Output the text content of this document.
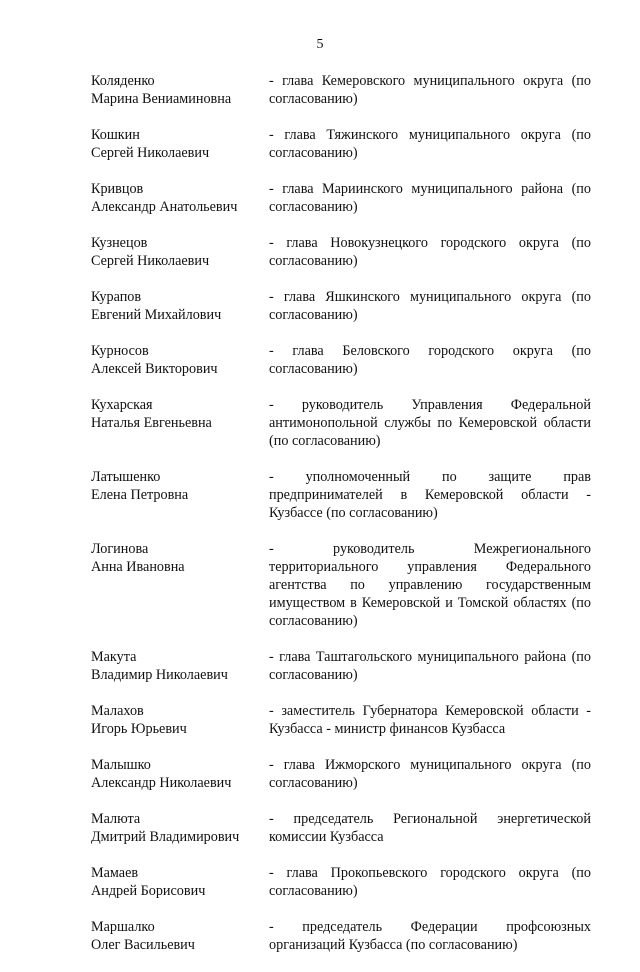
5
Коляденко
Марина Вениаминовна
- глава Кемеровского муниципального округа (по согласованию)
Кошкин
Сергей Николаевич
- глава Тяжинского муниципального округа (по согласованию)
Кривцов
Александр Анатольевич
- глава Мариинского муниципального района (по согласованию)
Кузнецов
Сергей Николаевич
- глава Новокузнецкого городского округа (по согласованию)
Курапов
Евгений Михайлович
- глава Яшкинского муниципального округа (по согласованию)
Курносов
Алексей Викторович
- глава Беловского городского округа (по согласованию)
Кухарская
Наталья Евгеньевна
- руководитель Управления Федеральной антимонопольной службы по Кемеровской области (по согласованию)
Латышенко
Елена Петровна
- уполномоченный по защите прав предпринимателей в Кемеровской области - Кузбассе (по согласованию)
Логинова
Анна Ивановна
- руководитель Межрегионального территориального управления Федерального агентства по управлению государственным имуществом в Кемеровской и Томской областях (по согласованию)
Макута
Владимир Николаевич
- глава Таштагольского муниципального района (по согласованию)
Малахов
Игорь Юрьевич
- заместитель Губернатора Кемеровской области - Кузбасса - министр финансов Кузбасса
Малышко
Александр Николаевич
- глава Ижморского муниципального округа (по согласованию)
Малюта
Дмитрий Владимирович
- председатель Региональной энергетической комиссии Кузбасса
Мамаев
Андрей Борисович
- глава Прокопьевского городского округа (по согласованию)
Маршалко
Олег Васильевич
- председатель Федерации профсоюзных организаций Кузбасса (по согласованию)
